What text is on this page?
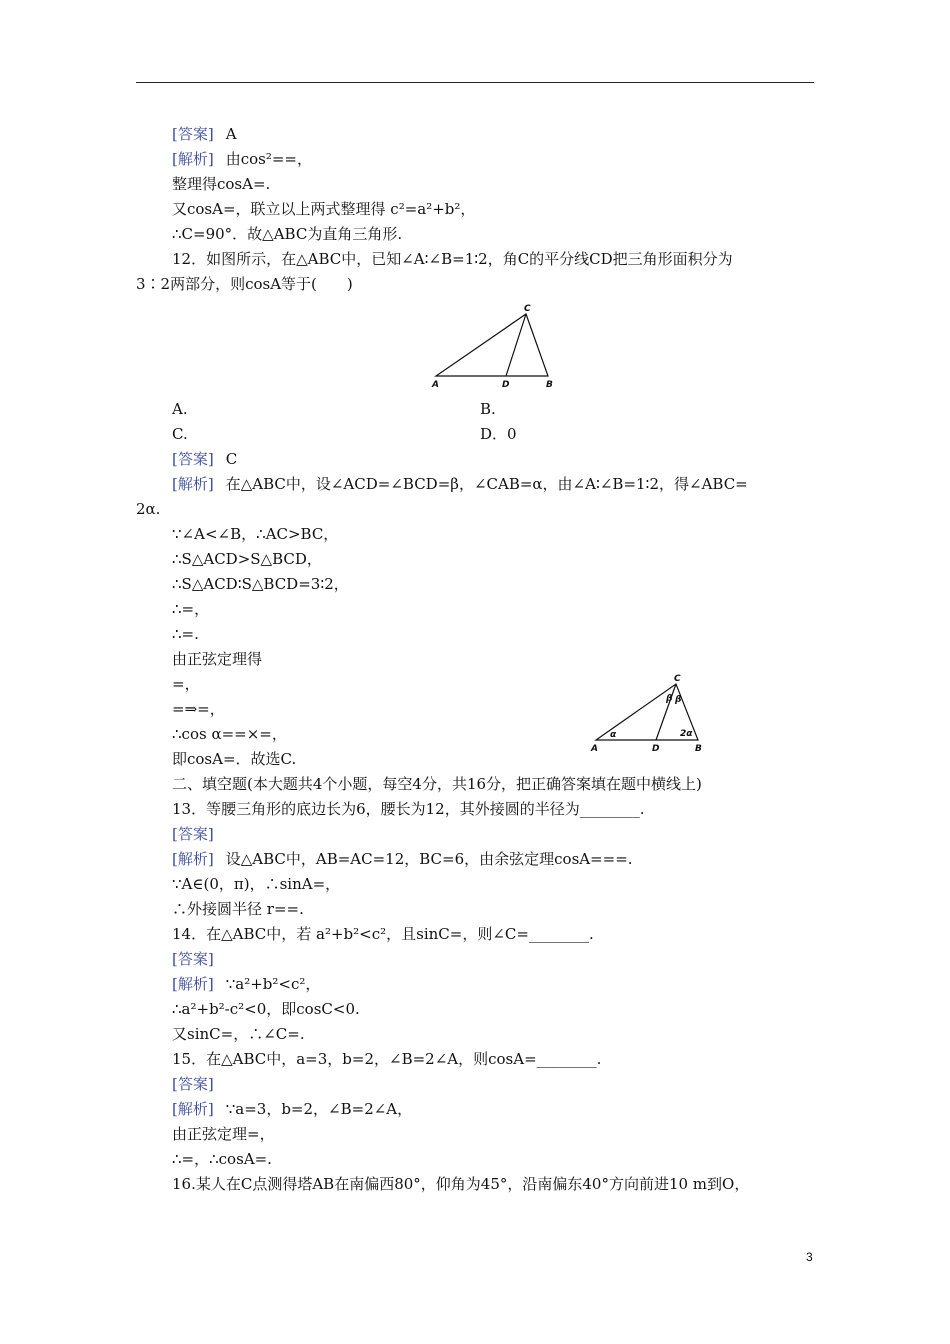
[答案] A
[解析] 由cos²==，
整理得cosA=.
又cosA=，联立以上两式整理得 c²=a²+b²，
∴C=90°．故△ABC为直角三角形.
12．如图所示，在△ABC中，已知∠A∶∠B=1∶2，角C的平分线CD把三角形面积分为
3∶2两部分，则cosA等于(　　)
C
A	D	B
A.	B.
C.	D．0
[答案] C
[解析] 在△ABC中，设∠ACD=∠BCD=β，∠CAB=α，由∠A∶∠B=1∶2，得∠ABC=
2α.
∵∠A<∠B，∴AC>BC，
∴S△ACD>S△BCD，
∴S△ACD∶S△BCD=3∶2，
∴=，
∴=.
由正弦定理得
=，
=⇒=，
∴cos α==×=，
即cosA=．故选C.
C
A	D	B
α	2α
β β
二、填空题(本大题共4个小题，每空4分，共16分，把正确答案填在题中横线上)
13．等腰三角形的底边长为6，腰长为12，其外接圆的半径为________.
[答案]
[解析] 设△ABC中，AB=AC=12，BC=6，由余弦定理cosA===.
∵A∈(0，π)，∴sinA=，
∴外接圆半径 r==.
14．在△ABC中，若 a²+b²<c²，且sinC=，则∠C=________.
[答案]
[解析] ∵a²+b²<c²，
∴a²+b²-c²<0，即cosC<0.
又sinC=，∴∠C=.
15．在△ABC中，a=3，b=2，∠B=2∠A，则cosA=________.
[答案]
[解析] ∵a=3，b=2，∠B=2∠A，
由正弦定理=，
∴=，∴cosA=.
16.某人在C点测得塔AB在南偏西80°，仰角为45°，沿南偏东40°方向前进10 m到O，
3
